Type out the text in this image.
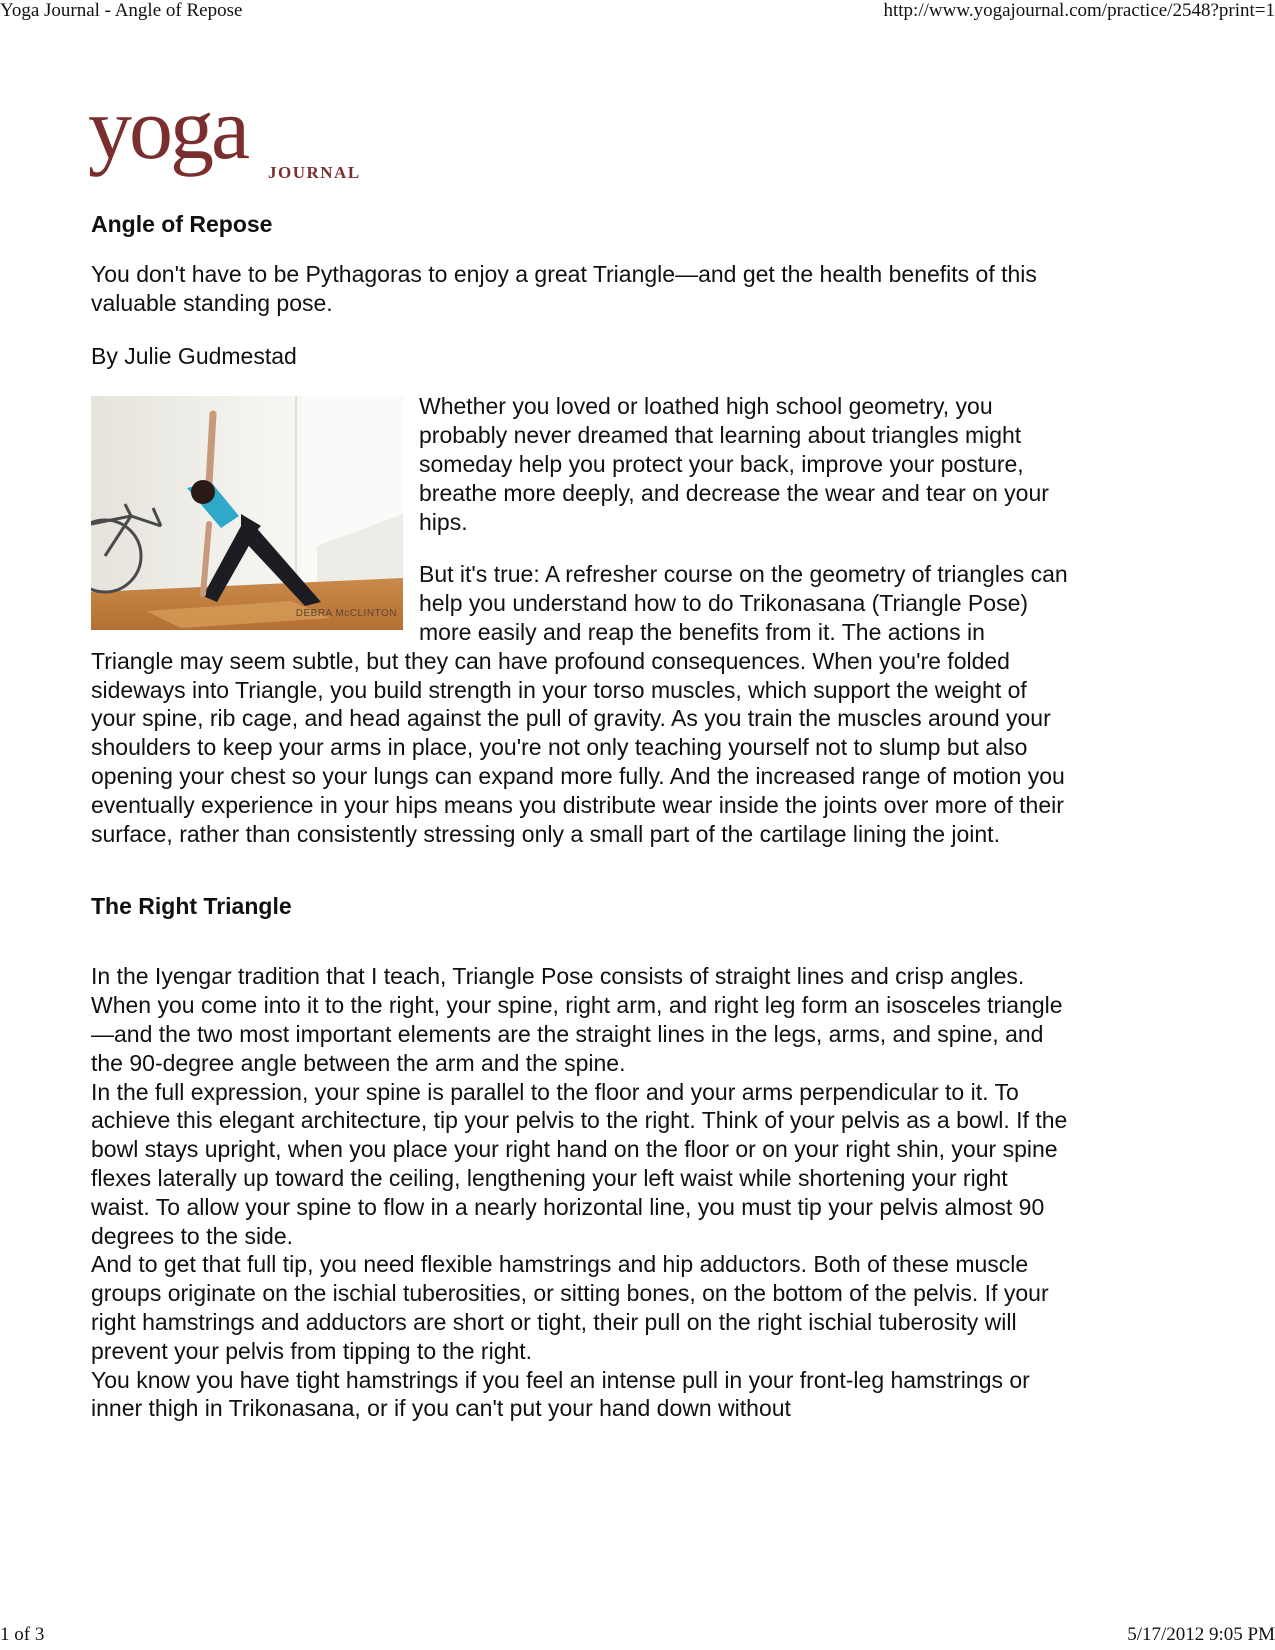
Yoga Journal - Angle of Repose	http://www.yogajournal.com/practice/2548?print=1
yoga JOURNAL
Angle of Repose

You don't have to be Pythagoras to enjoy a great Triangle—and get the health benefits of this valuable standing pose.

By Julie Gudmestad

DEBRA McCLINTON

Whether you loved or loathed high school geometry, you probably never dreamed that learning about triangles might someday help you protect your back, improve your posture, breathe more deeply, and decrease the wear and tear on your hips.

But it's true: A refresher course on the geometry of triangles can help you understand how to do Trikonasana (Triangle Pose) more easily and reap the benefits from it. The actions in Triangle may seem subtle, but they can have profound consequences. When you're folded sideways into Triangle, you build strength in your torso muscles, which support the weight of your spine, rib cage, and head against the pull of gravity. As you train the muscles around your shoulders to keep your arms in place, you're not only teaching yourself not to slump but also opening your chest so your lungs can expand more fully. And the increased range of motion you eventually experience in your hips means you distribute wear inside the joints over more of their surface, rather than consistently stressing only a small part of the cartilage lining the joint.

The Right Triangle

In the Iyengar tradition that I teach, Triangle Pose consists of straight lines and crisp angles. When you come into it to the right, your spine, right arm, and right leg form an isosceles triangle—and the two most important elements are the straight lines in the legs, arms, and spine, and the 90-degree angle between the arm and the spine.

In the full expression, your spine is parallel to the floor and your arms perpendicular to it. To achieve this elegant architecture, tip your pelvis to the right. Think of your pelvis as a bowl. If the bowl stays upright, when you place your right hand on the floor or on your right shin, your spine flexes laterally up toward the ceiling, lengthening your left waist while shortening your right waist. To allow your spine to flow in a nearly horizontal line, you must tip your pelvis almost 90 degrees to the side.

And to get that full tip, you need flexible hamstrings and hip adductors. Both of these muscle groups originate on the ischial tuberosities, or sitting bones, on the bottom of the pelvis. If your right hamstrings and adductors are short or tight, their pull on the right ischial tuberosity will prevent your pelvis from tipping to the right.

You know you have tight hamstrings if you feel an intense pull in your front-leg hamstrings or inner thigh in Trikonasana, or if you can't put your hand down without

1 of 3	5/17/2012 9:05 PM
